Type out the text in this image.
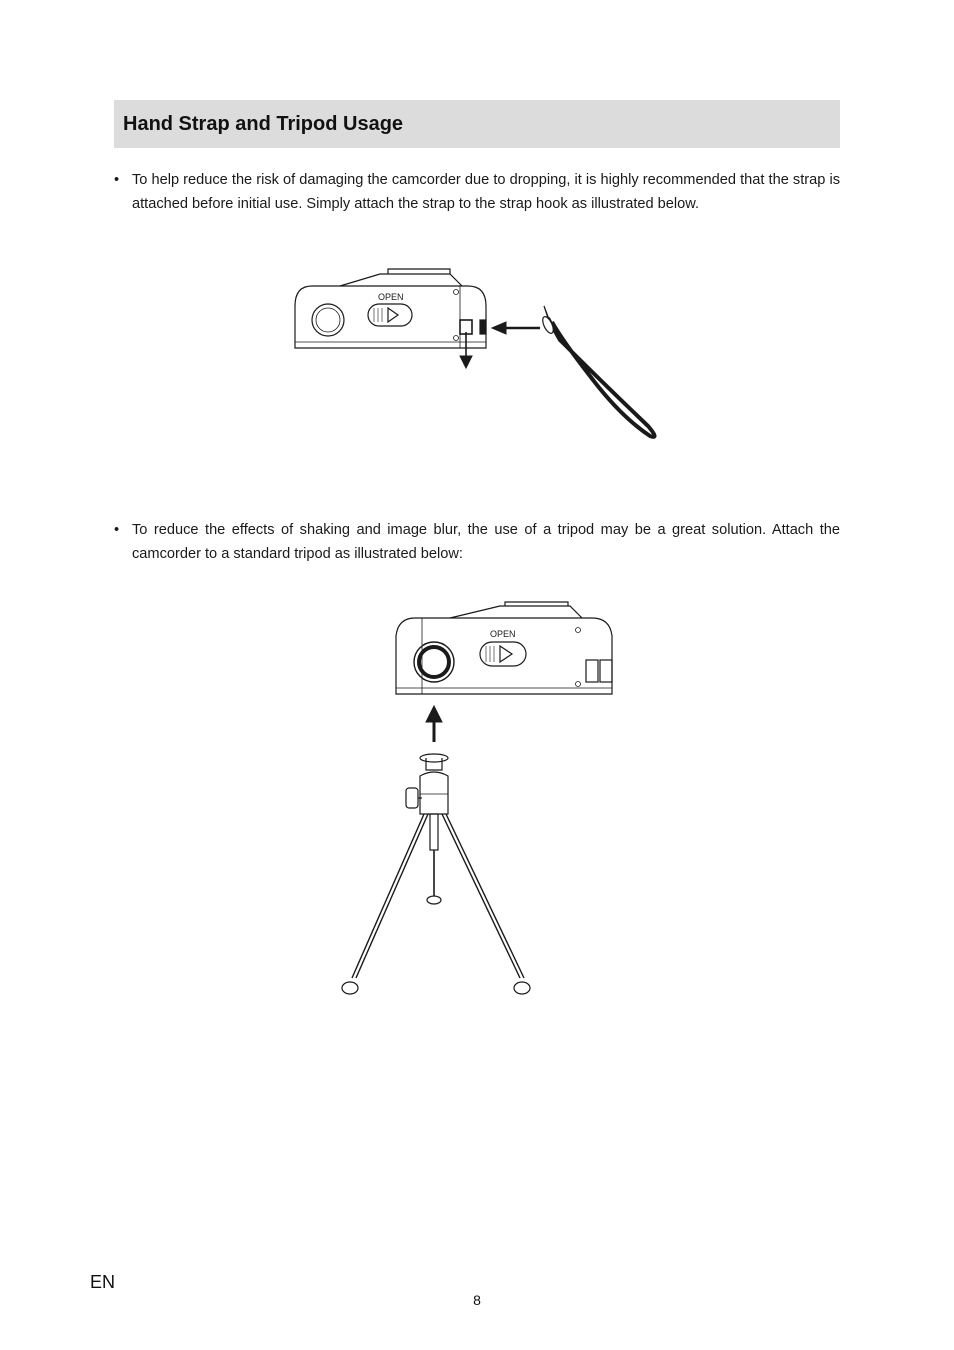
Hand Strap and Tripod Usage
• To help reduce the risk of damaging the camcorder due to dropping, it is highly recommended that the strap is attached before initial use. Simply attach the strap to the strap hook as illustrated below.
OPEN
• To reduce the effects of shaking and image blur, the use of a tripod may be a great solution. Attach the camcorder to a standard tripod as illustrated below:
OPEN
EN
8
